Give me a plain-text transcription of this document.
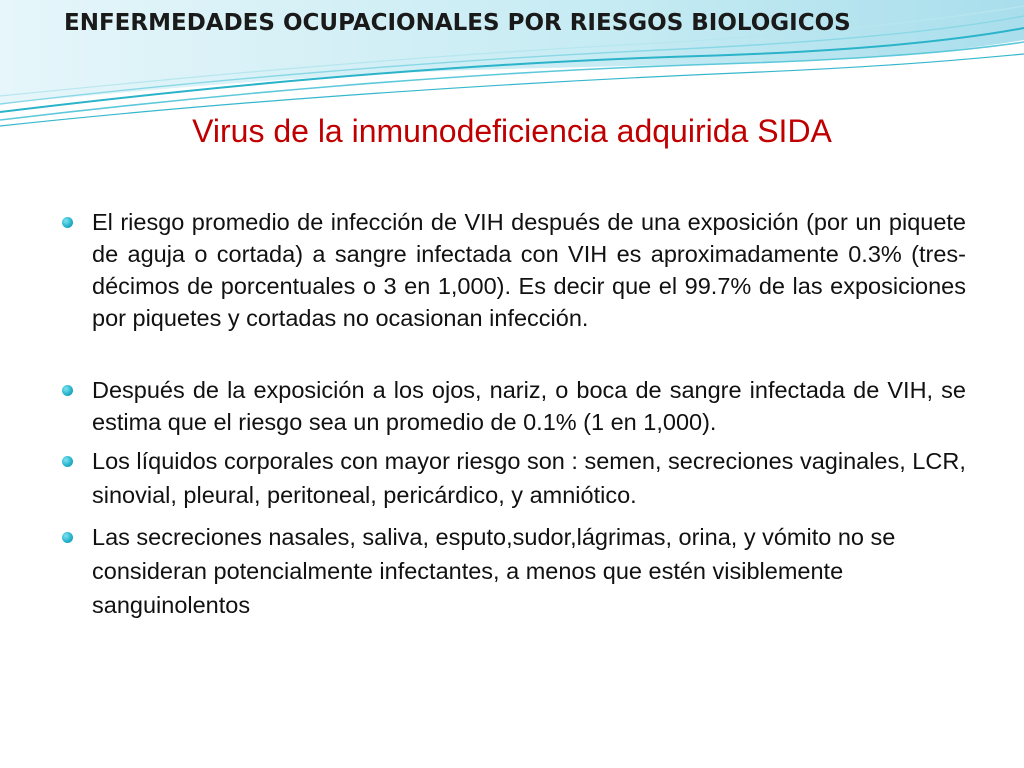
ENFERMEDADES OCUPACIONALES POR RIESGOS BIOLOGICOS
Virus de la inmunodeficiencia adquirida SIDA
El riesgo promedio de infección de VIH después de una exposición (por un piquete de aguja o cortada) a sangre infectada con VIH es aproximadamente 0.3% (tres-décimos de porcentuales o 3 en 1,000). Es decir que el 99.7% de las exposiciones por piquetes y cortadas no ocasionan infección.
Después de la exposición a los ojos, nariz, o boca de sangre infectada de VIH, se estima que el riesgo sea un promedio de 0.1% (1 en 1,000).
Los líquidos corporales con mayor riesgo son : semen, secreciones vaginales, LCR, sinovial, pleural, peritoneal, pericárdico, y amniótico.
Las secreciones nasales, saliva, esputo,sudor,lágrimas, orina, y vómito no se consideran potencialmente infectantes, a menos que estén visiblemente sanguinolentos
